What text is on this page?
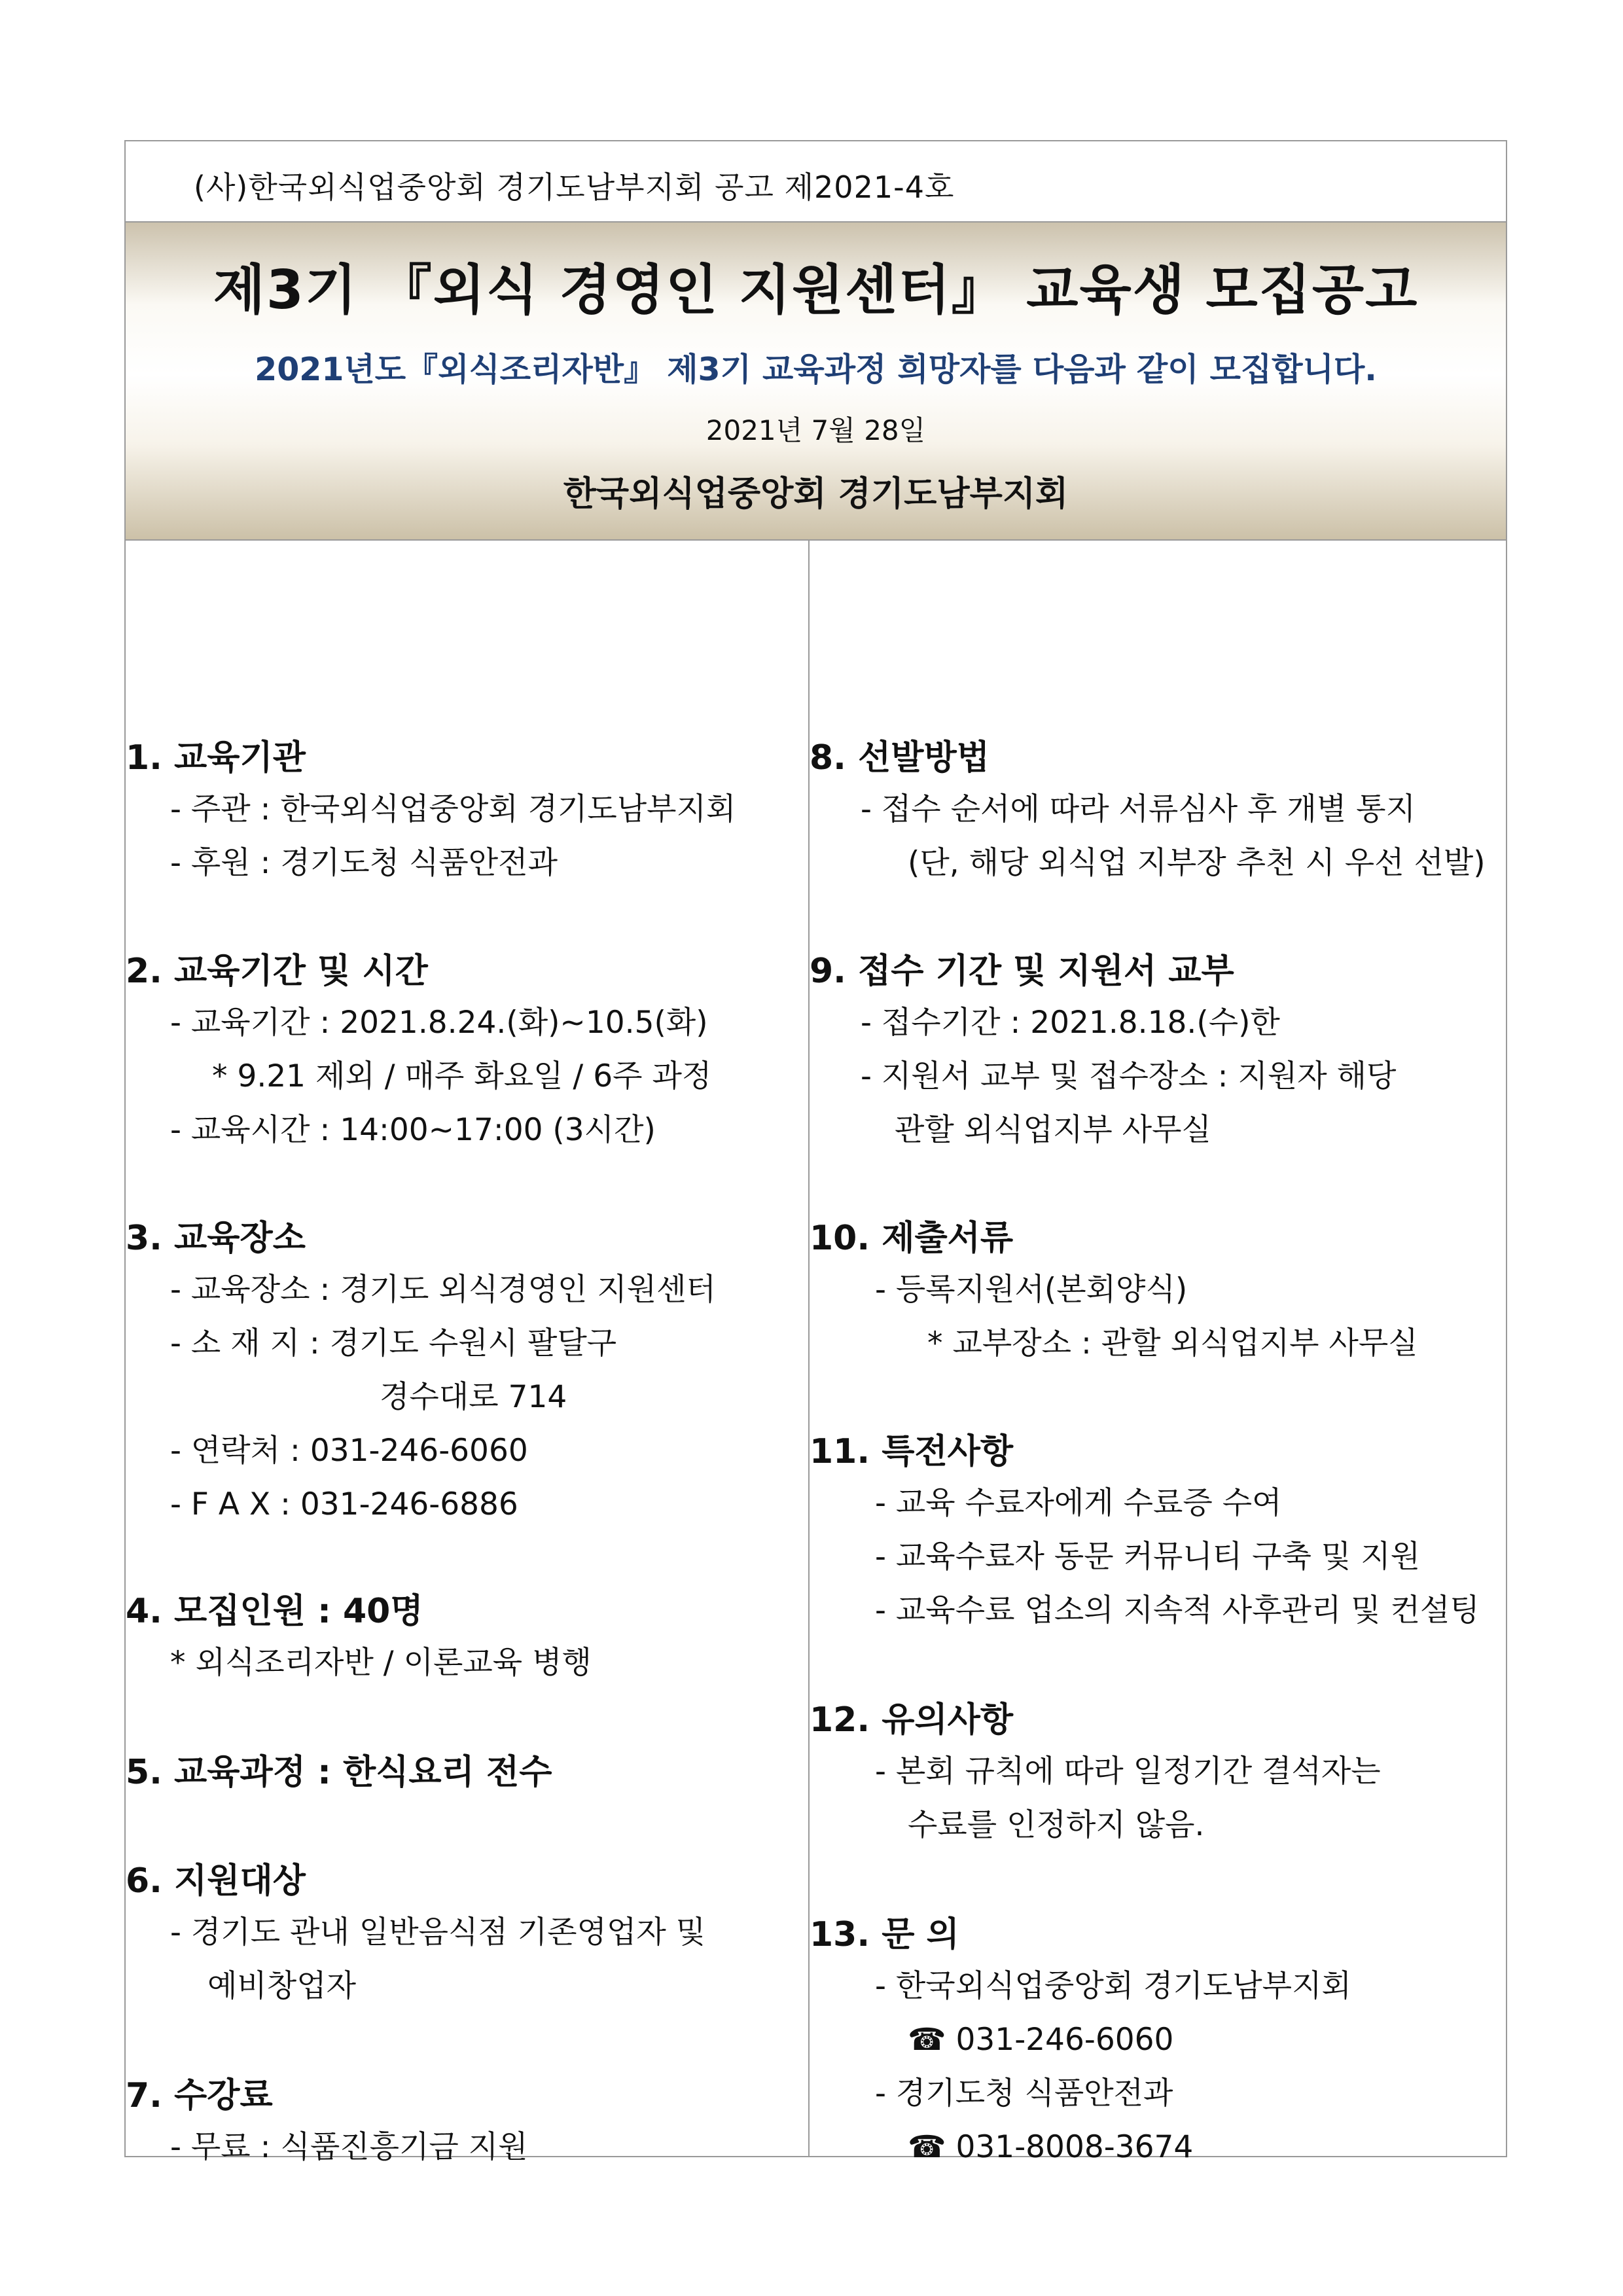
(사)한국외식업중앙회 경기도남부지회 공고 제2021-4호
제3기 『외식 경영인 지원센터』 교육생 모집공고
2021년도『외식조리자반』 제3기 교육과정 희망자를 다음과 같이 모집합니다.
2021년 7월 28일
한국외식업중앙회 경기도남부지회
1. 교육기관
- 주관 : 한국외식업중앙회 경기도남부지회
- 후원 : 경기도청 식품안전과
2. 교육기간 및 시간
- 교육기간 : 2021.8.24.(화)~10.5(화)
* 9.21 제외 / 매주 화요일 / 6주 과정
- 교육시간 : 14:00~17:00 (3시간)
3. 교육장소
- 교육장소 : 경기도 외식경영인 지원센터
- 소 재 지 : 경기도 수원시 팔달구
경수대로 714
- 연락처 : 031-246-6060
- F A X : 031-246-6886
4. 모집인원 : 40명
* 외식조리자반 / 이론교육 병행
5. 교육과정 : 한식요리 전수
6. 지원대상
- 경기도 관내 일반음식점 기존영업자 및
예비창업자
7. 수강료
- 무료 : 식품진흥기금 지원
8. 선발방법
- 접수 순서에 따라 서류심사 후 개별 통지
(단, 해당 외식업 지부장 추천 시 우선 선발)
9. 접수 기간 및 지원서 교부
- 접수기간 : 2021.8.18.(수)한
- 지원서 교부 및 접수장소 : 지원자 해당
관할 외식업지부 사무실
10. 제출서류
- 등록지원서(본회양식)
* 교부장소 : 관할 외식업지부 사무실
11. 특전사항
- 교육 수료자에게 수료증 수여
- 교육수료자 동문 커뮤니티 구축 및 지원
- 교육수료 업소의 지속적 사후관리 및 컨설팅
12. 유의사항
- 본회 규칙에 따라 일정기간 결석자는
수료를 인정하지 않음.
13. 문 의
- 한국외식업중앙회 경기도남부지회
☎ 031-246-6060
- 경기도청 식품안전과
☎ 031-8008-3674
